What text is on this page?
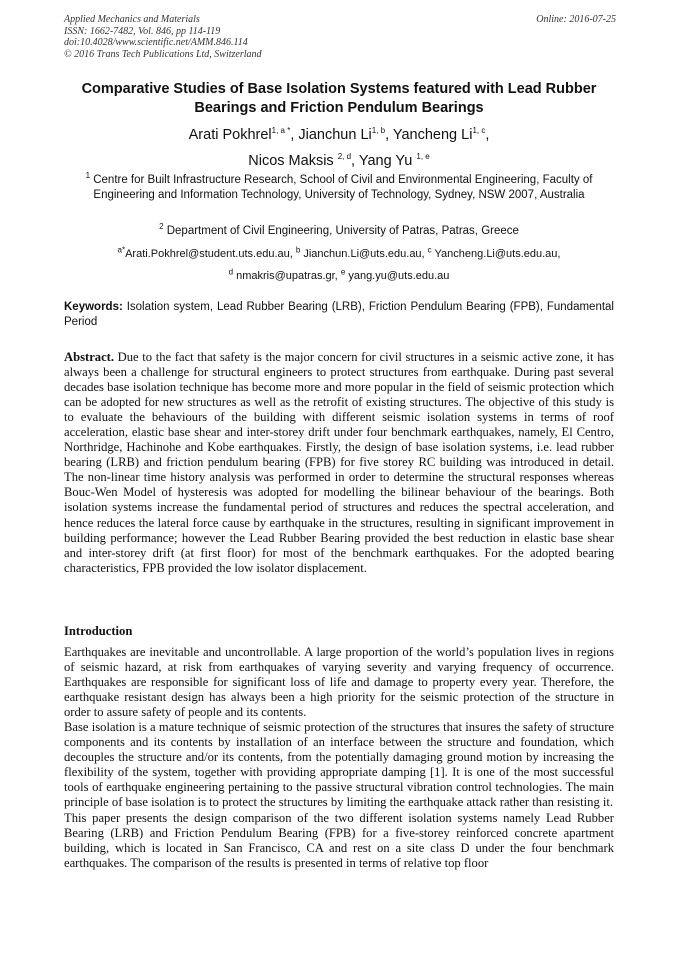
Applied Mechanics and Materials
ISSN: 1662-7482, Vol. 846, pp 114-119
doi:10.4028/www.scientific.net/AMM.846.114
© 2016 Trans Tech Publications Ltd, Switzerland
Online: 2016-07-25
Comparative Studies of Base Isolation Systems featured with Lead Rubber Bearings and Friction Pendulum Bearings
Arati Pokhrel$^{1, a *}$, Jianchun Li$^{1, b}$, Yancheng Li$^{1, c}$,
Nicos Maksis $^{2, d}$, Yang Yu $^{1, e}$
$^1$ Centre for Built Infrastructure Research, School of Civil and Environmental Engineering, Faculty of Engineering and Information Technology, University of Technology, Sydney, NSW 2007, Australia
$^2$ Department of Civil Engineering, University of Patras, Patras, Greece
$^{a*}$Arati.Pokhrel@student.uts.edu.au, $^b$ Jianchun.Li@uts.edu.au, $^c$ Yancheng.Li@uts.edu.au,
$^d$ nmakris@upatras.gr, $^e$ yang.yu@uts.edu.au
Keywords: Isolation system, Lead Rubber Bearing (LRB), Friction Pendulum Bearing (FPB), Fundamental Period
Abstract. Due to the fact that safety is the major concern for civil structures in a seismic active zone, it has always been a challenge for structural engineers to protect structures from earthquake. During past several decades base isolation technique has become more and more popular in the field of seismic protection which can be adopted for new structures as well as the retrofit of existing structures. The objective of this study is to evaluate the behaviours of the building with different seismic isolation systems in terms of roof acceleration, elastic base shear and inter-storey drift under four benchmark earthquakes, namely, El Centro, Northridge, Hachinohe and Kobe earthquakes. Firstly, the design of base isolation systems, i.e. lead rubber bearing (LRB) and friction pendulum bearing (FPB) for five storey RC building was introduced in detail. The non-linear time history analysis was performed in order to determine the structural responses whereas Bouc-Wen Model of hysteresis was adopted for modelling the bilinear behaviour of the bearings. Both isolation systems increase the fundamental period of structures and reduces the spectral acceleration, and hence reduces the lateral force cause by earthquake in the structures, resulting in significant improvement in building performance; however the Lead Rubber Bearing provided the best reduction in elastic base shear and inter-storey drift (at first floor) for most of the benchmark earthquakes. For the adopted bearing characteristics, FPB provided the low isolator displacement.
Introduction

Earthquakes are inevitable and uncontrollable. A large proportion of the world’s population lives in regions of seismic hazard, at risk from earthquakes of varying severity and varying frequency of occurrence. Earthquakes are responsible for significant loss of life and damage to property every year. Therefore, the earthquake resistant design has always been a high priority for the seismic protection of the structure in order to assure safety of people and its contents.

Base isolation is a mature technique of seismic protection of the structures that insures the safety of structure components and its contents by installation of an interface between the structure and foundation, which decouples the structure and/or its contents, from the potentially damaging ground motion by increasing the flexibility of the system, together with providing appropriate damping [1]. It is one of the most successful tools of earthquake engineering pertaining to the passive structural vibration control technologies. The main principle of base isolation is to protect the structures by limiting the earthquake attack rather than resisting it.

This paper presents the design comparison of the two different isolation systems namely Lead Rubber Bearing (LRB) and Friction Pendulum Bearing (FPB) for a five-storey reinforced concrete apartment building, which is located in San Francisco, CA and rest on a site class D under the four benchmark earthquakes. The comparison of the results is presented in terms of relative top floor
